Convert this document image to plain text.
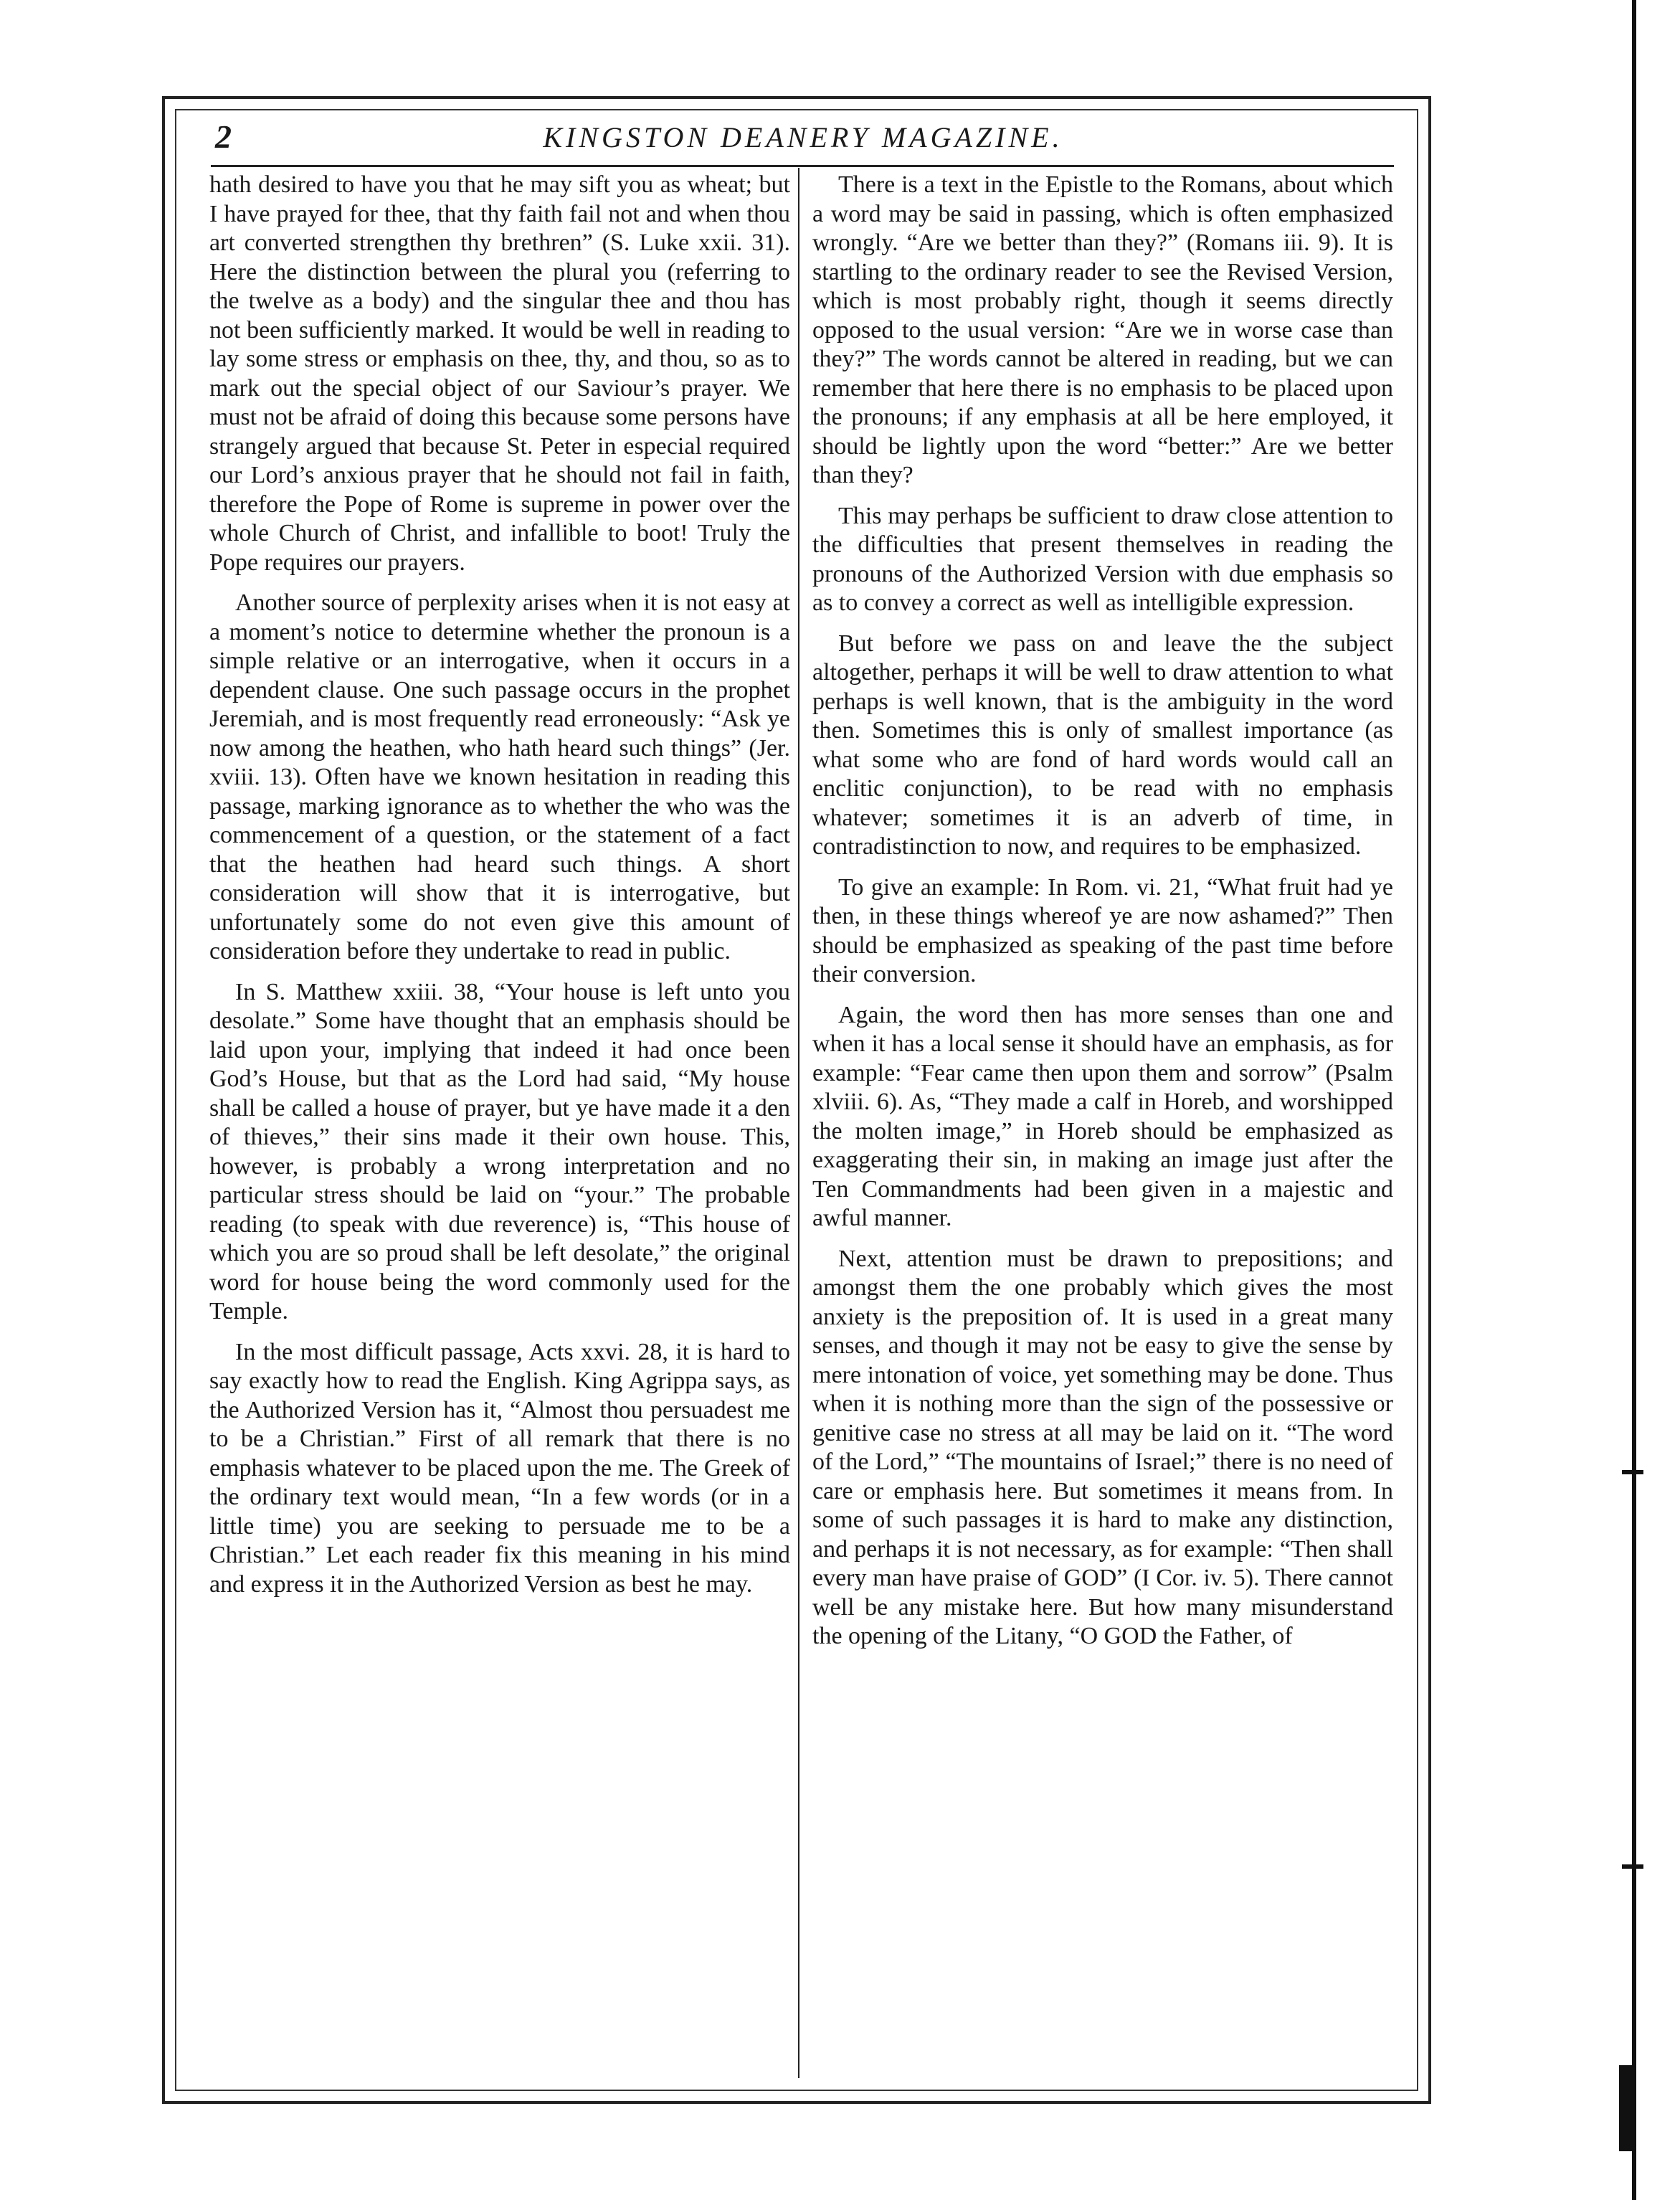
2	KINGSTON DEANERY MAGAZINE.

hath desired to have you that he may sift you as wheat; but I have prayed for thee, that thy faith fail not and when thou art converted strengthen thy brethren” (S. Luke xxii. 31). Here the distinction between the plural you (referring to the twelve as a body) and the singular thee and thou has not been sufficiently marked. It would be well in reading to lay some stress or emphasis on thee, thy, and thou, so as to mark out the special object of our Saviour’s prayer. We must not be afraid of doing this because some persons have strangely argued that because St. Peter in especial required our Lord’s anxious prayer that he should not fail in faith, therefore the Pope of Rome is supreme in power over the whole Church of Christ, and infallible to boot! Truly the Pope requires our prayers.

Another source of perplexity arises when it is not easy at a moment’s notice to determine whether the pronoun is a simple relative or an interrogative, when it occurs in a dependent clause. One such passage occurs in the prophet Jeremiah, and is most frequently read erroneously: “Ask ye now among the heathen, who hath heard such things” (Jer. xviii. 13). Often have we known hesitation in reading this passage, marking ignorance as to whether the who was the commencement of a question, or the statement of a fact that the heathen had heard such things. A short consideration will show that it is interrogative, but unfortunately some do not even give this amount of consideration before they undertake to read in public.

In S. Matthew xxiii. 38, “Your house is left unto you desolate.” Some have thought that an emphasis should be laid upon your, implying that indeed it had once been God’s House, but that as the Lord had said, “My house shall be called a house of prayer, but ye have made it a den of thieves,” their sins made it their own house. This, however, is probably a wrong interpretation and no particular stress should be laid on “your.” The probable reading (to speak with due reverence) is, “This house of which you are so proud shall be left desolate,” the original word for house being the word commonly used for the Temple.

In the most difficult passage, Acts xxvi. 28, it is hard to say exactly how to read the English. King Agrippa says, as the Authorized Version has it, “Almost thou persuadest me to be a Christian.” First of all remark that there is no emphasis whatever to be placed upon the me. The Greek of the ordinary text would mean, “In a few words (or in a little time) you are seeking to persuade me to be a Christian.” Let each reader fix this meaning in his mind and express it in the Authorized Version as best he may.

There is a text in the Epistle to the Romans, about which a word may be said in passing, which is often emphasized wrongly. “Are we better than they?” (Romans iii. 9). It is startling to the ordinary reader to see the Revised Version, which is most probably right, though it seems directly opposed to the usual version: “Are we in worse case than they?” The words cannot be altered in reading, but we can remember that here there is no emphasis to be placed upon the pronouns; if any emphasis at all be here employed, it should be lightly upon the word “better:” Are we better than they?

This may perhaps be sufficient to draw close attention to the difficulties that present themselves in reading the pronouns of the Authorized Version with due emphasis so as to convey a correct as well as intelligible expression.

But before we pass on and leave the the subject altogether, perhaps it will be well to draw attention to what perhaps is well known, that is the ambiguity in the word then. Sometimes this is only of smallest importance (as what some who are fond of hard words would call an enclitic conjunction), to be read with no emphasis whatever; sometimes it is an adverb of time, in contradistinction to now, and requires to be emphasized.

To give an example: In Rom. vi. 21, “What fruit had ye then, in these things whereof ye are now ashamed?” Then should be emphasized as speaking of the past time before their conversion.

Again, the word then has more senses than one and when it has a local sense it should have an emphasis, as for example: “Fear came then upon them and sorrow” (Psalm xlviii. 6). As, “They made a calf in Horeb, and worshipped the molten image,” in Horeb should be emphasized as exaggerating their sin, in making an image just after the Ten Commandments had been given in a majestic and awful manner.

Next, attention must be drawn to prepositions; and amongst them the one probably which gives the most anxiety is the preposition of. It is used in a great many senses, and though it may not be easy to give the sense by mere intonation of voice, yet something may be done. Thus when it is nothing more than the sign of the possessive or genitive case no stress at all may be laid on it. “The word of the Lord,” “The mountains of Israel;” there is no need of care or emphasis here. But sometimes it means from. In some of such passages it is hard to make any distinction, and perhaps it is not necessary, as for example: “Then shall every man have praise of GOD” (I Cor. iv. 5). There cannot well be any mistake here. But how many misunderstand the opening of the Litany, “O GOD the Father, of
